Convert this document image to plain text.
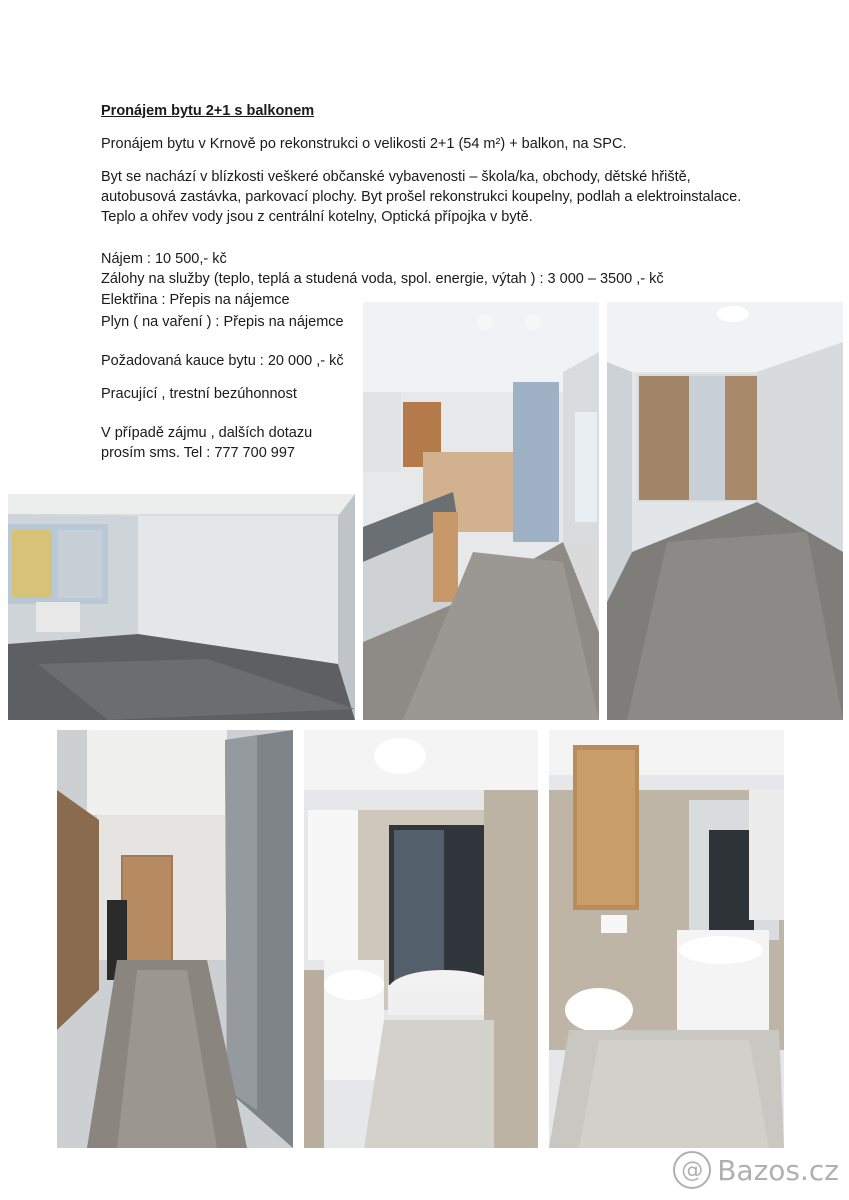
Pronájem bytu 2+1 s balkonem
Pronájem bytu v Krnově po rekonstrukci o velikosti 2+1 (54 m²) + balkon, na SPC.
Byt se nachází v blízkosti veškeré občanské vybavenosti – škola/ka, obchody, dětské hřiště,
autobusová zastávka, parkovací plochy. Byt prošel rekonstrukci koupelny, podlah a elektroinstalace.
Teplo a ohřev vody jsou z centrální kotelny, Optická přípojka v bytě.
Nájem : 10 500,- kč
Zálohy na služby (teplo, teplá a studená voda, spol. energie, výtah ) : 3 000 – 3500 ,- kč
Elektřina : Přepis na nájemce
Plyn ( na vaření ) : Přepis na nájemce
Požadovaná kauce bytu : 20 000 ,- kč
Pracující , trestní bezúhonnost
V případě zájmu , dalších dotazu
prosím sms. Tel : 777 700 997
@ Bazos.cz
